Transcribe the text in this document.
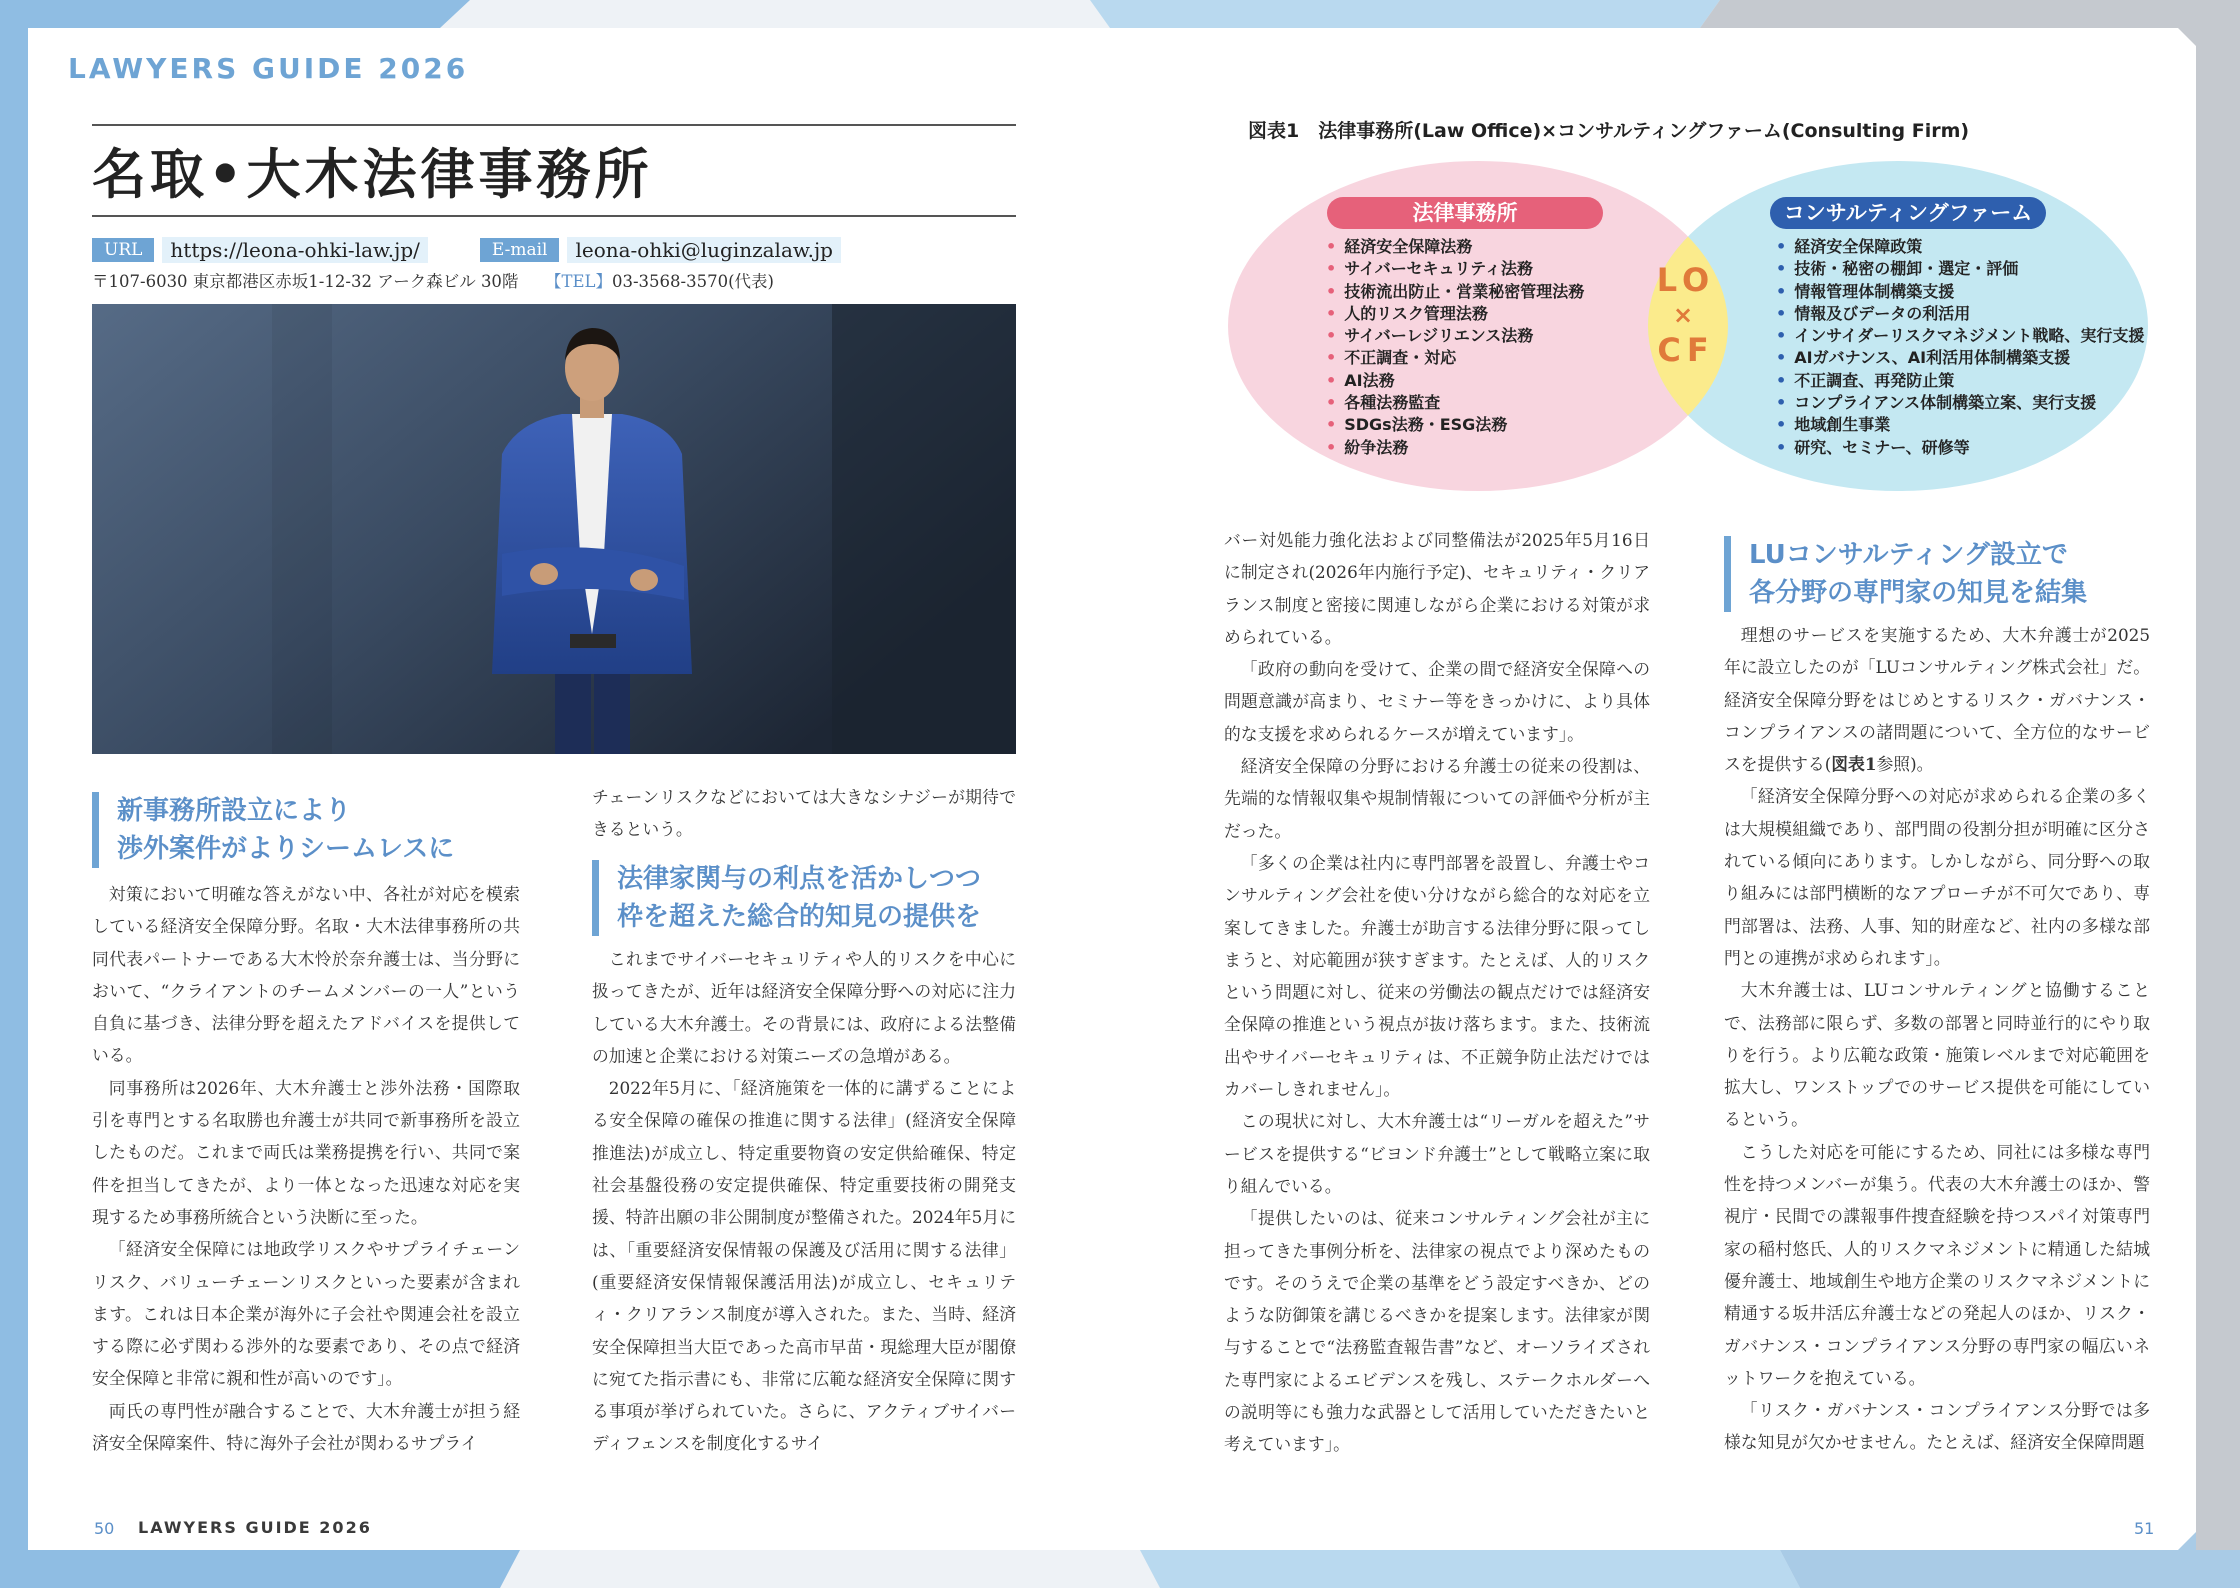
LAWYERS GUIDE 2026
名取•大木法律事務所
URL	https://leona-ohki-law.jp/	E-mail	leona-ohki@luginzalaw.jp
〒107-6030 東京都港区赤坂1-12-32 アーク森ビル 30階 【TEL】03-3568-3570(代表)
新事務所設立により
渉外案件がよりシームレスに

対策において明確な答えがない中、各社が対応を模索している経済安全保障分野。名取・大木法律事務所の共同代表パートナーである大木怜於奈弁護士は、当分野において、“クライアントのチームメンバーの一人”という自負に基づき、法律分野を超えたアドバイスを提供している。

同事務所は2026年、大木弁護士と渉外法務・国際取引を専門とする名取勝也弁護士が共同で新事務所を設立したものだ。これまで両氏は業務提携を行い、共同で案件を担当してきたが、より一体となった迅速な対応を実現するため事務所統合という決断に至った。

「経済安全保障には地政学リスクやサプライチェーンリスク、バリューチェーンリスクといった要素が含まれます。これは日本企業が海外に子会社や関連会社を設立する際に必ず関わる渉外的な要素であり、その点で経済安全保障と非常に親和性が高いのです」。

両氏の専門性が融合することで、大木弁護士が担う経済安全保障案件、特に海外子会社が関わるサプライ

チェーンリスクなどにおいては大きなシナジーが期待できるという。

法律家関与の利点を活かしつつ
枠を超えた総合的知見の提供を

これまでサイバーセキュリティや人的リスクを中心に扱ってきたが、近年は経済安全保障分野への対応に注力している大木弁護士。その背景には、政府による法整備の加速と企業における対策ニーズの急増がある。

2022年5月に、「経済施策を一体的に講ずることによる安全保障の確保の推進に関する法律」(経済安全保障推進法)が成立し、特定重要物資の安定供給確保、特定社会基盤役務の安定提供確保、特定重要技術の開発支援、特許出願の非公開制度が整備された。2024年5月には、「重要経済安保情報の保護及び活用に関する法律」(重要経済安保情報保護活用法)が成立し、セキュリティ・クリアランス制度が導入された。また、当時、経済安全保障担当大臣であった高市早苗・現総理大臣が閣僚に宛てた指示書にも、非常に広範な経済安全保障に関する事項が挙げられていた。さらに、アクティブサイバーディフェンスを制度化するサイ

図表1　法律事務所(Law Office)×コンサルティングファーム(Consulting Firm)
法律事務所	コンサルティングファーム
LO
×
CF
• 経済安全保障法務
• サイバーセキュリティ法務
• 技術流出防止・営業秘密管理法務
• 人的リスク管理法務
• サイバーレジリエンス法務
• 不正調査・対応
• AI法務
• 各種法務監査
• SDGs法務・ESG法務
• 紛争法務
• 経済安全保障政策
• 技術・秘密の棚卸・選定・評価
• 情報管理体制構築支援
• 情報及びデータの利活用
• インサイダーリスクマネジメント戦略、実行支援
• AIガバナンス、AI利活用体制構築支援
• 不正調査、再発防止策
• コンプライアンス体制構築立案、実行支援
• 地域創生事業
• 研究、セミナー、研修等

バー対処能力強化法および同整備法が2025年5月16日に制定され(2026年内施行予定)、セキュリティ・クリアランス制度と密接に関連しながら企業における対策が求められている。

「政府の動向を受けて、企業の間で経済安全保障への問題意識が高まり、セミナー等をきっかけに、より具体的な支援を求められるケースが増えています」。

経済安全保障の分野における弁護士の従来の役割は、先端的な情報収集や規制情報についての評価や分析が主だった。

「多くの企業は社内に専門部署を設置し、弁護士やコンサルティング会社を使い分けながら総合的な対応を立案してきました。弁護士が助言する法律分野に限ってしまうと、対応範囲が狭すぎます。たとえば、人的リスクという問題に対し、従来の労働法の観点だけでは経済安全保障の推進という視点が抜け落ちます。また、技術流出やサイバーセキュリティは、不正競争防止法だけではカバーしきれません」。

この現状に対し、大木弁護士は“リーガルを超えた”サービスを提供する“ビヨンド弁護士”として戦略立案に取り組んでいる。

「提供したいのは、従来コンサルティング会社が主に担ってきた事例分析を、法律家の視点でより深めたものです。そのうえで企業の基準をどう設定すべきか、どのような防御策を講じるべきかを提案します。法律家が関与することで“法務監査報告書”など、オーソライズされた専門家によるエビデンスを残し、ステークホルダーへの説明等にも強力な武器として活用していただきたいと考えています」。

LUコンサルティング設立で
各分野の専門家の知見を結集

理想のサービスを実施するため、大木弁護士が2025年に設立したのが「LUコンサルティング株式会社」だ。経済安全保障分野をはじめとするリスク・ガバナンス・コンプライアンスの諸問題について、全方位的なサービスを提供する(図表1参照)。

「経済安全保障分野への対応が求められる企業の多くは大規模組織であり、部門間の役割分担が明確に区分されている傾向にあります。しかしながら、同分野への取り組みには部門横断的なアプローチが不可欠であり、専門部署は、法務、人事、知的財産など、社内の多様な部門との連携が求められます」。

大木弁護士は、LUコンサルティングと協働することで、法務部に限らず、多数の部署と同時並行的にやり取りを行う。より広範な政策・施策レベルまで対応範囲を拡大し、ワンストップでのサービス提供を可能にしているという。

こうした対応を可能にするため、同社には多様な専門性を持つメンバーが集う。代表の大木弁護士のほか、警視庁・民間での諜報事件捜査経験を持つスパイ対策専門家の稲村悠氏、人的リスクマネジメントに精通した結城優弁護士、地域創生や地方企業のリスクマネジメントに精通する坂井活広弁護士などの発起人のほか、リスク・ガバナンス・コンプライアンス分野の専門家の幅広いネットワークを抱えている。

「リスク・ガバナンス・コンプライアンス分野では多様な知見が欠かせません。たとえば、経済安全保障問題

50 LAWYERS GUIDE 2026	51
